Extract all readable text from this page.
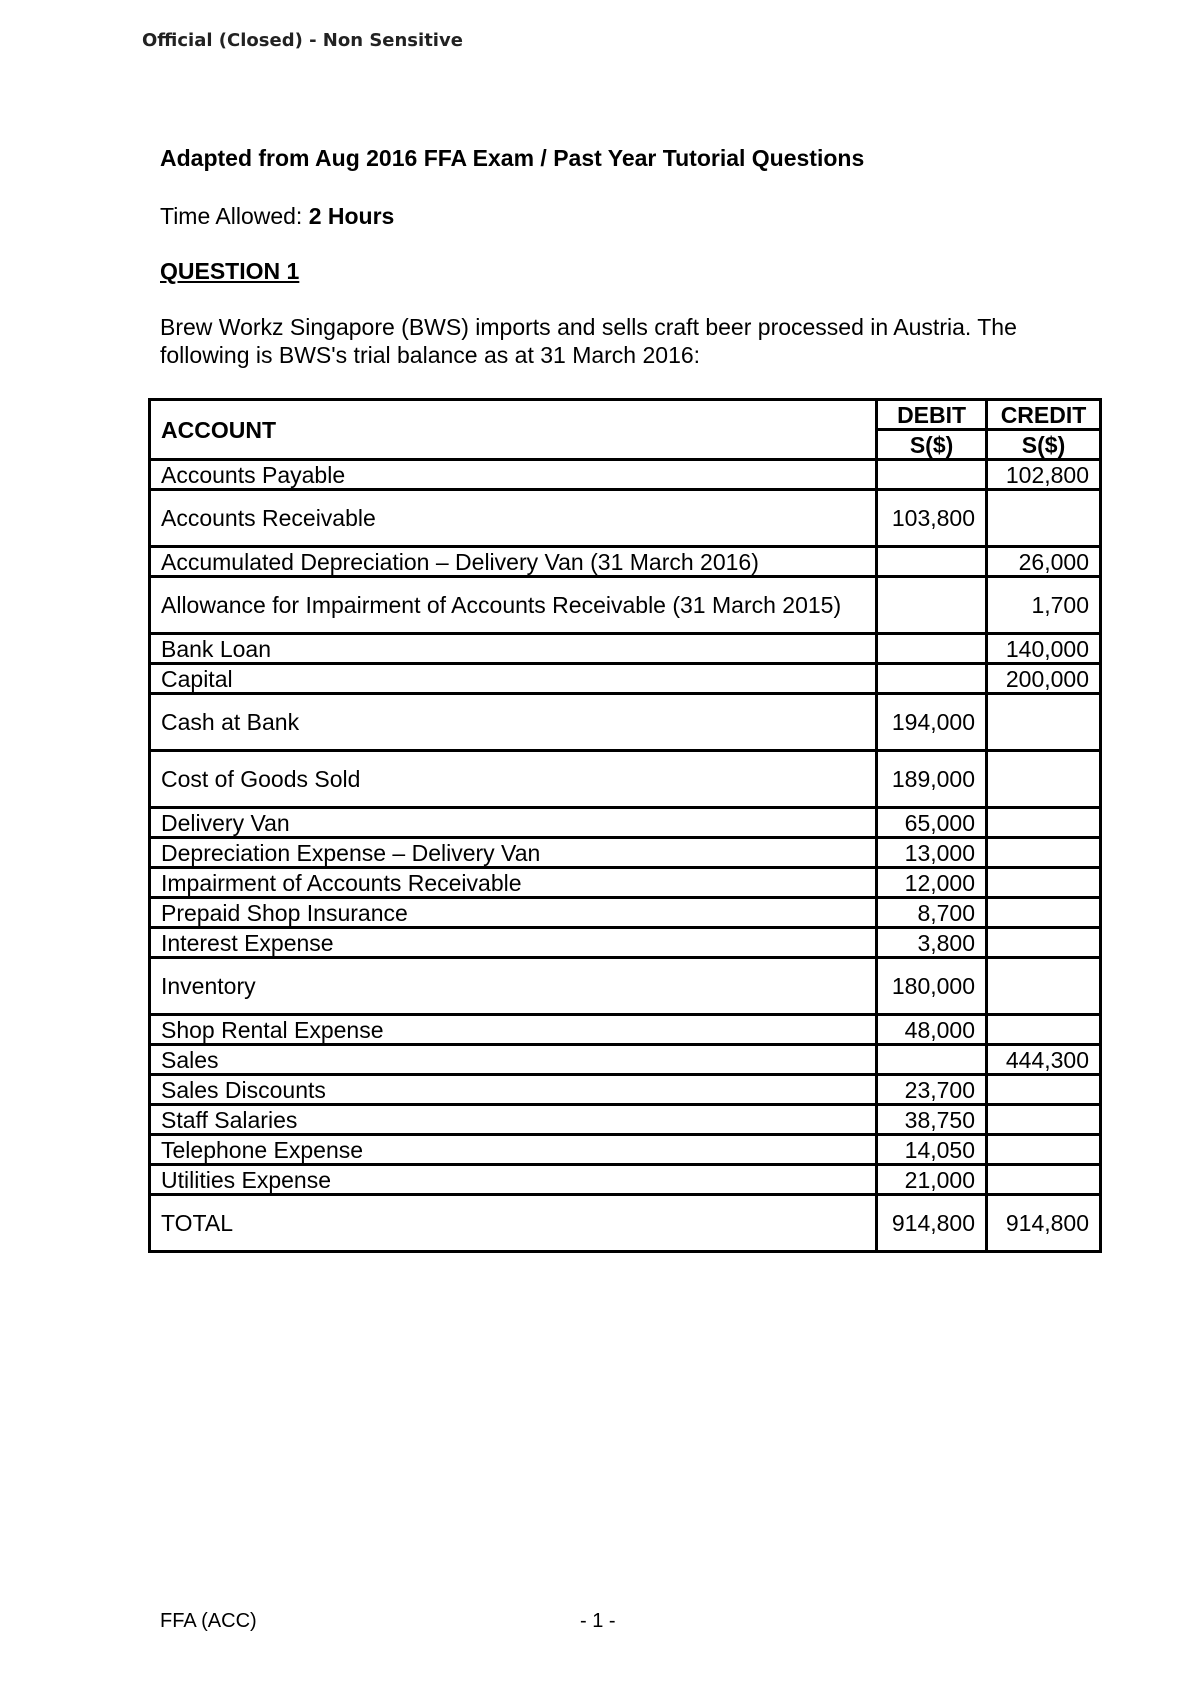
Official (Closed) - Non Sensitive
Adapted from Aug 2016 FFA Exam / Past Year Tutorial Questions
Time Allowed: 2 Hours
QUESTION 1
Brew Workz Singapore (BWS) imports and sells craft beer processed in Austria. The following is BWS's trial balance as at 31 March 2016:
ACCOUNT	DEBIT	CREDIT
	S($)	S($)
Accounts Payable		102,800
Accounts Receivable	103,800	
Accumulated Depreciation – Delivery Van (31 March 2016)		26,000
Allowance for Impairment of Accounts Receivable (31 March 2015)		1,700
Bank Loan		140,000
Capital		200,000
Cash at Bank	194,000	
Cost of Goods Sold	189,000	
Delivery Van	65,000	
Depreciation Expense – Delivery Van	13,000	
Impairment of Accounts Receivable	12,000	
Prepaid Shop Insurance	8,700	
Interest Expense	3,800	
Inventory	180,000	
Shop Rental Expense	48,000	
Sales		444,300
Sales Discounts	23,700	
Staff Salaries	38,750	
Telephone Expense	14,050	
Utilities Expense	21,000	
TOTAL	914,800	914,800
FFA (ACC)	- 1 -
